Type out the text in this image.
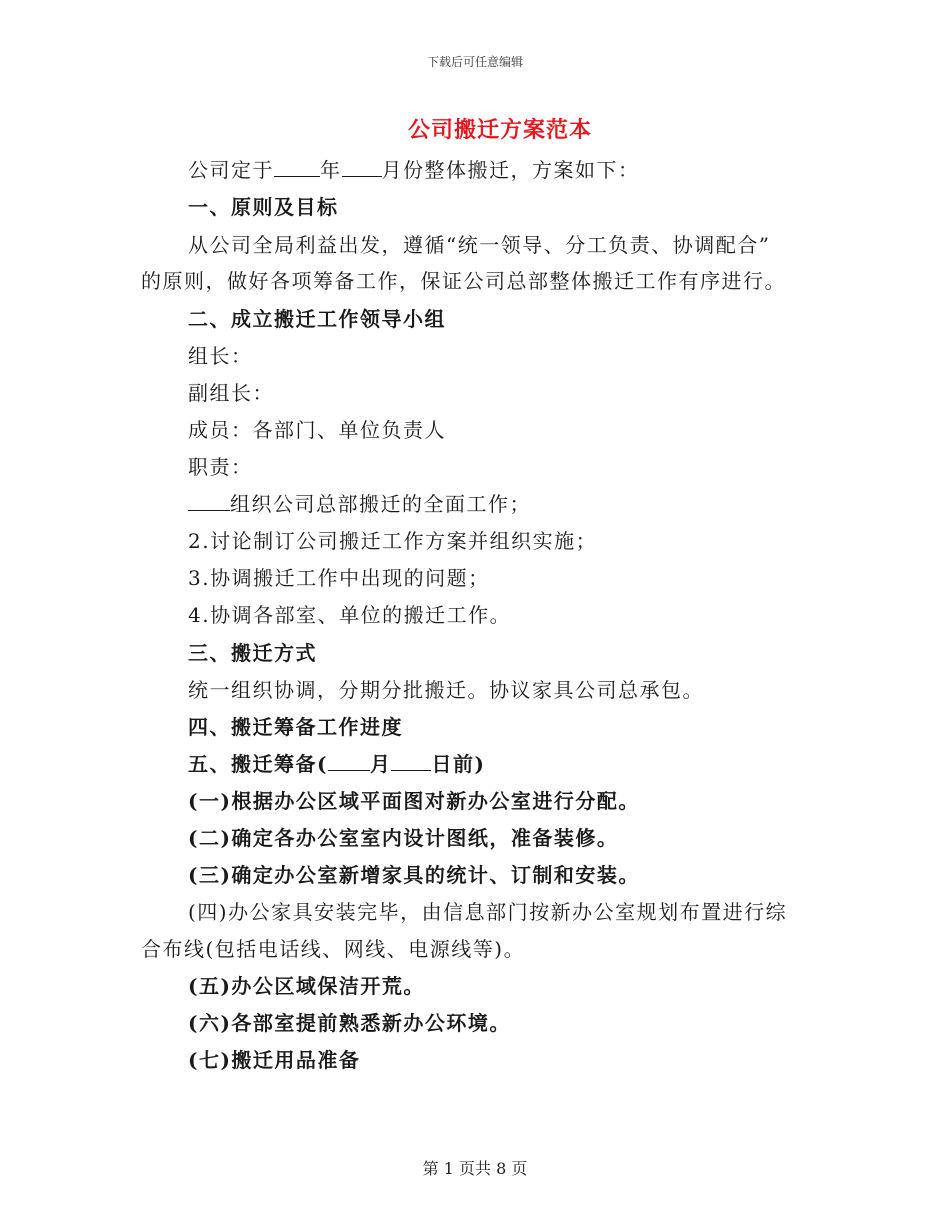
下载后可任意编辑
公司搬迁方案范本
公司定于 年 月份整体搬迁，方案如下：
一、原则及目标
从公司全局利益出发，遵循“统一领导、分工负责、协调配合”
的原则，做好各项筹备工作，保证公司总部整体搬迁工作有序进行。
二、成立搬迁工作领导小组
组长：
副组长：
成员：各部门、单位负责人
职责：
组织公司总部搬迁的全面工作；
2.讨论制订公司搬迁工作方案并组织实施；
3.协调搬迁工作中出现的问题；
4.协调各部室、单位的搬迁工作。
三、搬迁方式
统一组织协调，分期分批搬迁。协议家具公司总承包。
四、搬迁筹备工作进度
五、搬迁筹备( 月 日前)
(一)根据办公区域平面图对新办公室进行分配。
(二)确定各办公室室内设计图纸，准备装修。
(三)确定办公室新增家具的统计、订制和安装。
(四)办公家具安装完毕，由信息部门按新办公室规划布置进行综
合布线(包括电话线、网线、电源线等)。
(五)办公区域保洁开荒。
(六)各部室提前熟悉新办公环境。
(七)搬迁用品准备
第 1 页共 8 页
